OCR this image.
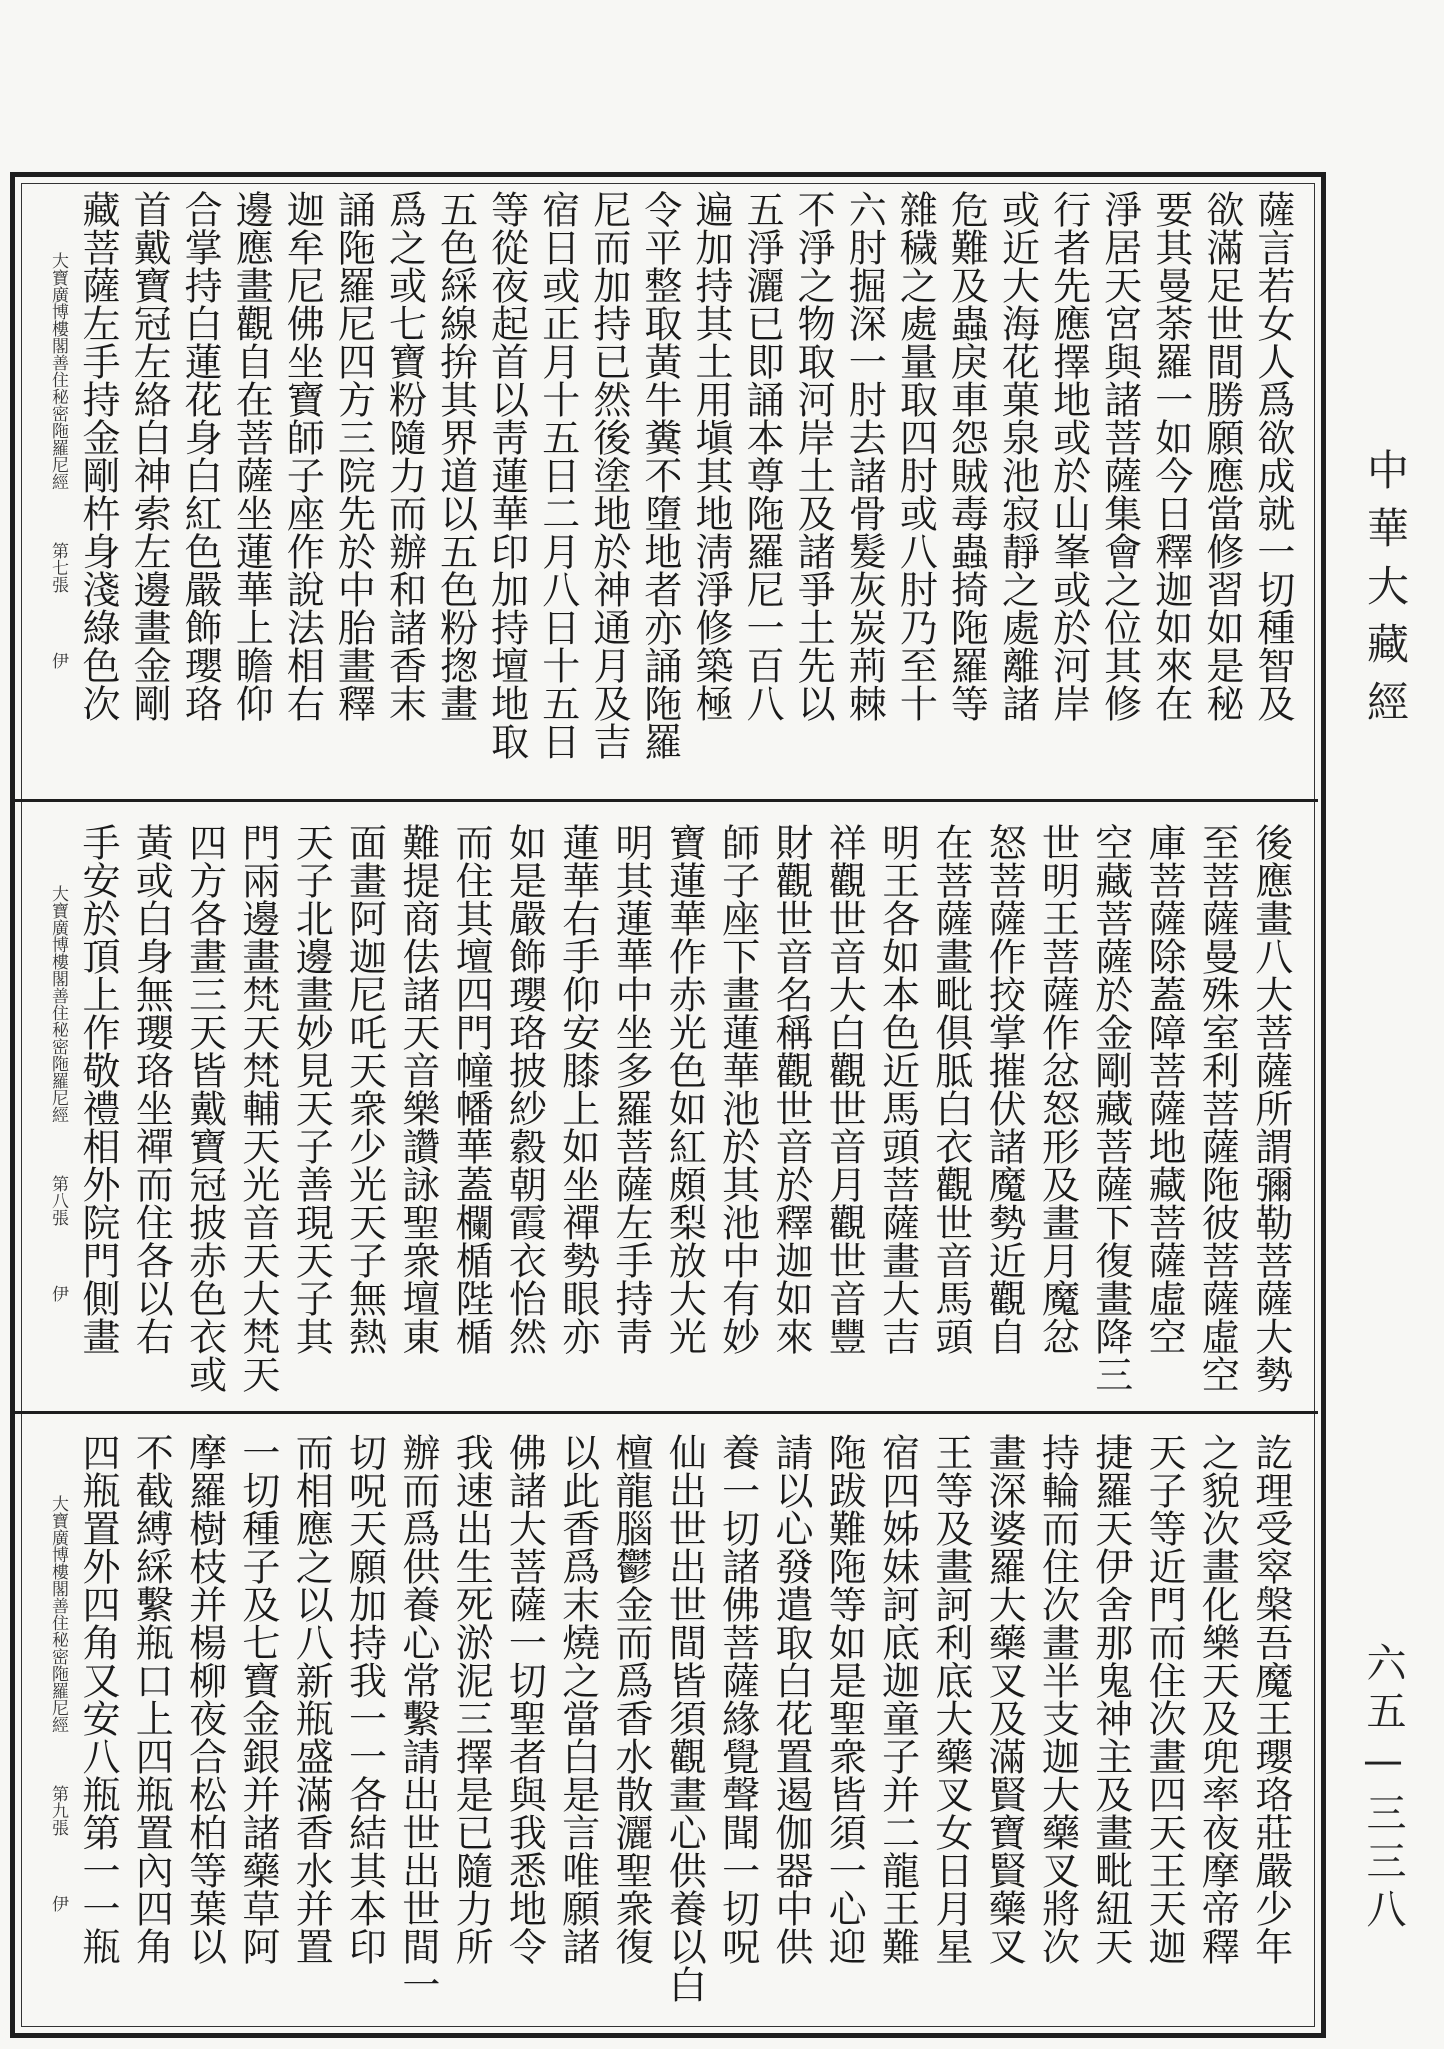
薩言若女人爲欲成就一切種智及
欲滿足世間勝願應當修習如是秘
要其曼荼羅一如今日釋迦如來在
淨居天宮與諸菩薩集會之位其修
行者先應擇地或於山峯或於河岸
或近大海花菓泉池寂靜之處離諸
危難及蟲戾車怨賊毒蟲掎陁羅等
雜穢之處量取四肘或八肘乃至十
六肘掘深一肘去諸骨髮灰炭荊棘
不淨之物取河岸土及諸爭土先以
五淨灑已即誦本尊陁羅尼一百八
遍加持其土用塡其地淸淨修築極
令平整取黃牛糞不墮地者亦誦陁羅
尼而加持已然後塗地於神通月及吉
宿日或正月十五日二月八日十五日
等從夜起首以靑蓮華印加持壇地取
五色綵線拚其界道以五色粉揔畫
爲之或七寶粉隨力而辦和諸香末
誦陁羅尼四方三院先於中胎畫釋
迦牟尼佛坐寶師子座作說法相右
邊應畫觀自在菩薩坐蓮華上瞻仰
合掌持白蓮花身白紅色嚴飾瓔珞
首戴寶冠左絡白神索左邊畫金剛
藏菩薩左手持金剛杵身淺綠色次
大寶廣博樓閣善住秘密陁羅尼經
第七張
伊
後應畫八大菩薩所謂彌勒菩薩大勢
至菩薩曼殊室利菩薩陁彼菩薩虛空
庫菩薩除蓋障菩薩地藏菩薩虛空
空藏菩薩於金剛藏菩薩下復畫降三
世明王菩薩作忿怒形及畫月魔忿
怒菩薩作挍掌摧伏諸魔勢近觀自
在菩薩畫毗俱胝白衣觀世音馬頭
明王各如本色近馬頭菩薩畫大吉
祥觀世音大白觀世音月觀世音豐
財觀世音名稱觀世音於釋迦如來
師子座下畫蓮華池於其池中有妙
寶蓮華作赤光色如紅頗梨放大光
明其蓮華中坐多羅菩薩左手持靑
蓮華右手仰安膝上如坐禪勢眼亦
如是嚴飾瓔珞披紗縠朝霞衣怡然
而住其壇四門幢幡華蓋欄楯陛楯
難提商佉諸天音樂讚詠聖衆壇東
面畫阿迦尼吒天衆少光天子無熱
天子北邊畫妙見天子善現天子其
門兩邊畫梵天梵輔天光音天大梵天
四方各畫三天皆戴寶冠披赤色衣或
黃或白身無瓔珞坐禪而住各以右
手安於頂上作敬禮相外院門側畫
大寶廣博樓閣善住秘密陁羅尼經
第八張
伊
訖理受窣槃吾魔王瓔珞莊嚴少年
之貌次畫化樂天及兜率夜摩帝釋
天子等近門而住次畫四天王天迦
捷羅天伊舍那鬼神主及畫毗紐天
持輪而住次畫半支迦大藥叉將次
畫深婆羅大藥叉及滿賢寶賢藥叉
王等及畫訶利底大藥叉女日月星
宿四姊妹訶底迦童子并二龍王難
陁跋難陁等如是聖衆皆須一心迎
請以心發遣取白花置遏伽器中供
養一切諸佛菩薩緣覺聲聞一切呪
仙出世出世間皆須觀畫心供養以白
檀龍腦鬱金而爲香水散灑聖衆復
以此香爲末燒之當白是言唯願諸
佛諸大菩薩一切聖者與我悉地令
我速出生死淤泥三擇是已隨力所
辦而爲供養心常繫請出世出世間一
切呪天願加持我一一各結其本印
而相應之以八新瓶盛滿香水并置
一切種子及七寶金銀并諸藥草阿
摩羅樹枝并楊柳夜合松柏等葉以
不截縛綵繫瓶口上四瓶置內四角
四瓶置外四角又安八瓶第一一瓶
大寶廣博樓閣善住秘密陁羅尼經
第九張
伊
中華大藏經
六五—三三八
